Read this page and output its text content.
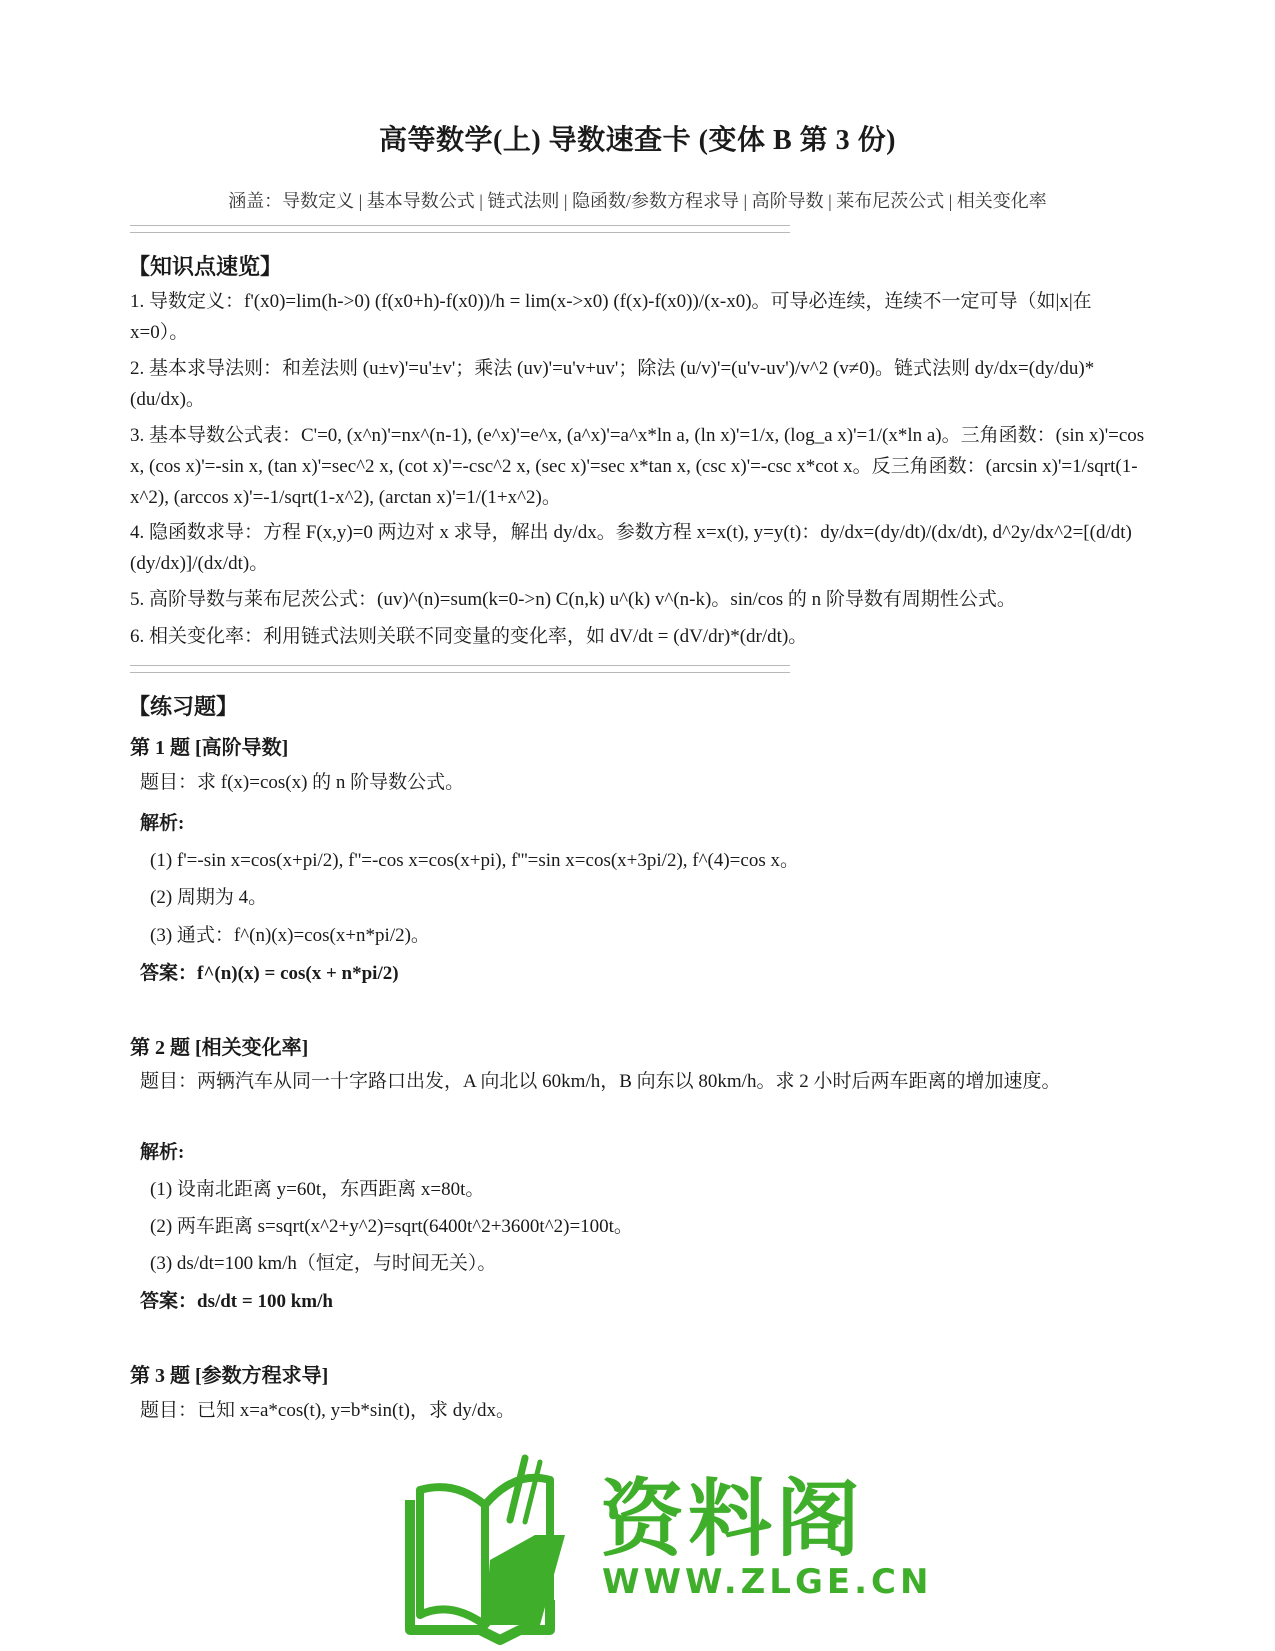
高等数学(上) 导数速查卡 (变体 B 第 3 份)
涵盖：导数定义 | 基本导数公式 | 链式法则 | 隐函数/参数方程求导 | 高阶导数 | 莱布尼茨公式 | 相关变化率
【知识点速览】
1. 导数定义：f'(x0)=lim(h->0) (f(x0+h)-f(x0))/h = lim(x->x0) (f(x)-f(x0))/(x-x0)。可导必连续，连续不一定可导（如|x|在 x=0）。
2. 基本求导法则：和差法则 (u±v)'=u'±v'；乘法 (uv)'=u'v+uv'；除法 (u/v)'=(u'v-uv')/v^2 (v≠0)。链式法则 dy/dx=(dy/du)*(du/dx)。
3. 基本导数公式表：C'=0, (x^n)'=nx^(n-1), (e^x)'=e^x, (a^x)'=a^x*ln a, (ln x)'=1/x, (log_a x)'=1/(x*ln a)。三角函数：(sin x)'=cos x, (cos x)'=-sin x, (tan x)'=sec^2 x, (cot x)'=-csc^2 x, (sec x)'=sec x*tan x, (csc x)'=-csc x*cot x。反三角函数：(arcsin x)'=1/sqrt(1-x^2), (arccos x)'=-1/sqrt(1-x^2), (arctan x)'=1/(1+x^2)。
4. 隐函数求导：方程 F(x,y)=0 两边对 x 求导，解出 dy/dx。参数方程 x=x(t), y=y(t)：dy/dx=(dy/dt)/(dx/dt), d^2y/dx^2=[(d/dt)(dy/dx)]/(dx/dt)。
5. 高阶导数与莱布尼茨公式：(uv)^(n)=sum(k=0->n) C(n,k) u^(k) v^(n-k)。sin/cos 的 n 阶导数有周期性公式。
6. 相关变化率：利用链式法则关联不同变量的变化率，如 dV/dt = (dV/dr)*(dr/dt)。
【练习题】
第 1 题 [高阶导数]
题目：求 f(x)=cos(x) 的 n 阶导数公式。
解析:
(1) f'=-sin x=cos(x+pi/2), f''=-cos x=cos(x+pi), f'''=sin x=cos(x+3pi/2), f^(4)=cos x。
(2) 周期为 4。
(3) 通式：f^(n)(x)=cos(x+n*pi/2)。
答案：f^(n)(x) = cos(x + n*pi/2)
第 2 题 [相关变化率]
题目：两辆汽车从同一十字路口出发，A 向北以 60km/h，B 向东以 80km/h。求 2 小时后两车距离的增加速度。
解析:
(1) 设南北距离 y=60t，东西距离 x=80t。
(2) 两车距离 s=sqrt(x^2+y^2)=sqrt(6400t^2+3600t^2)=100t。
(3) ds/dt=100 km/h（恒定，与时间无关）。
答案：ds/dt = 100 km/h
第 3 题 [参数方程求导]
题目：已知 x=a*cos(t), y=b*sin(t)，求 dy/dx。
资料阁
WWW.ZLGE.CN
